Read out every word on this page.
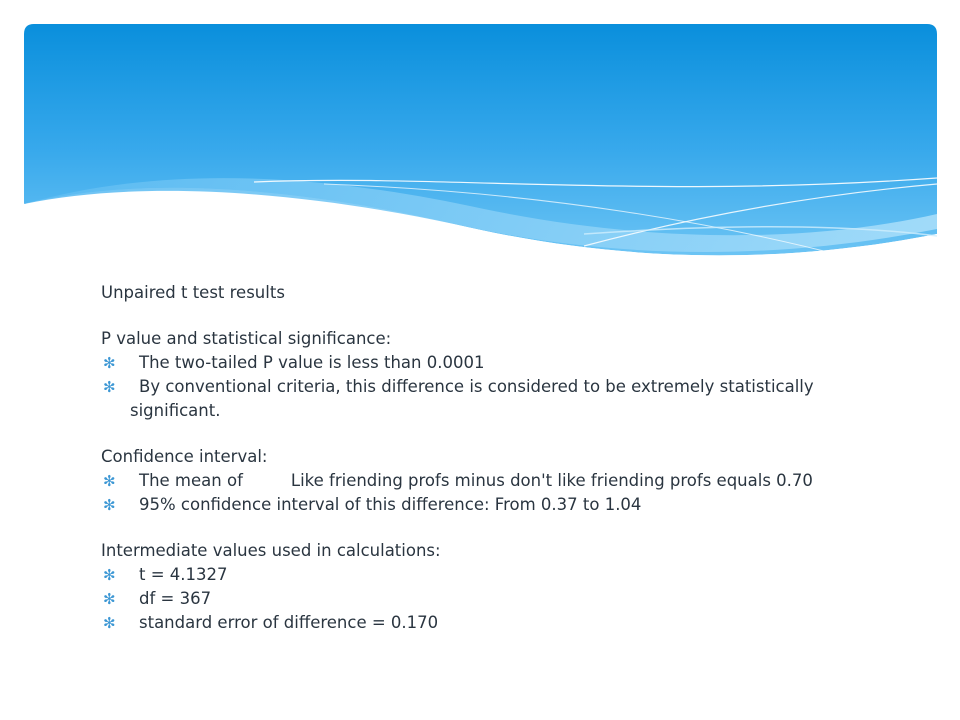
Unpaired t test results

P value and statistical significance:

✻ The two-tailed P value is less than 0.0001

✻ By conventional criteria, this difference is considered to be extremely statistically
significant.

Confidence interval:

✻ The mean of	Like friending profs minus don't like friending profs equals 0.70

✻ 95% confidence interval of this difference: From 0.37 to 1.04

Intermediate values used in calculations:

✻ t = 4.1327

✻ df = 367

✻ standard error of difference = 0.170
